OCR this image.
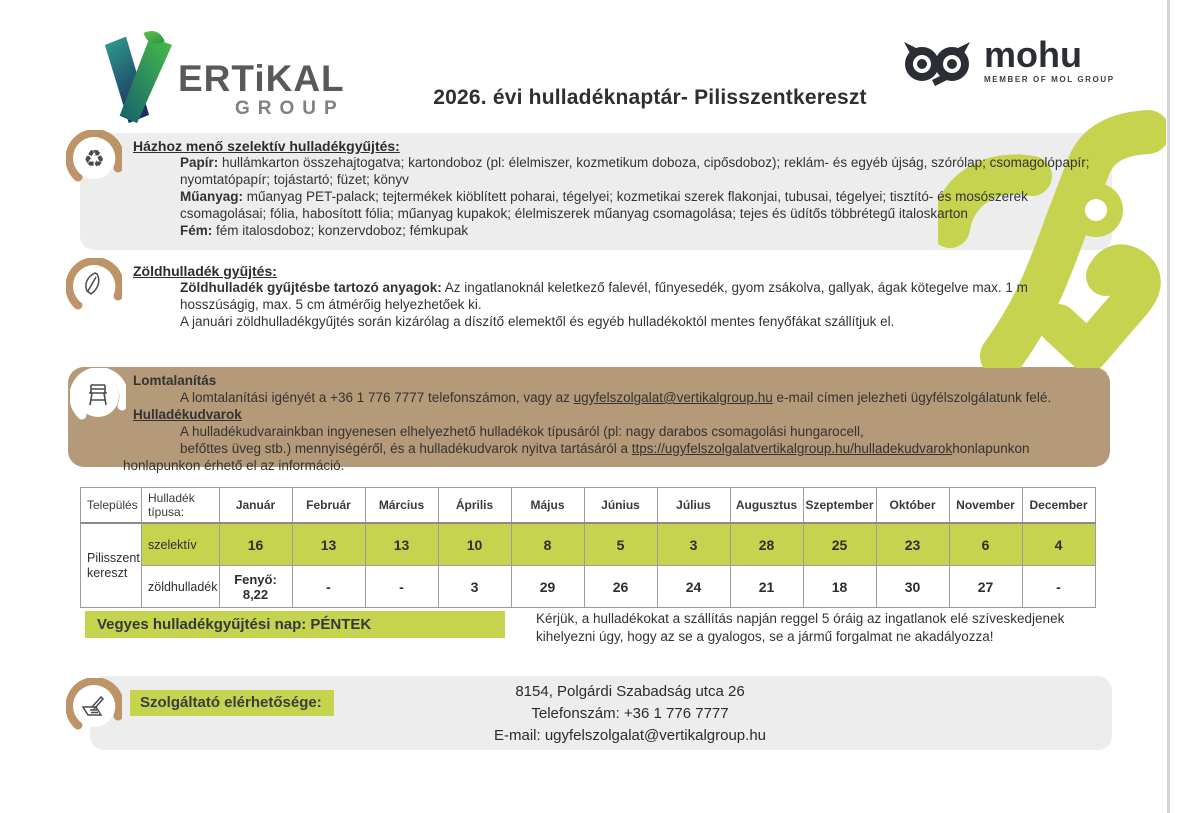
ERTiKAL
GROUP	2026. évi hulladéknaptár- Pilisszentkereszt
mohu
MEMBER OF MOL GROUP
♻ Házhoz menő szelektív hulladékgyűjtés:
Papír: hullámkarton összehajtogatva; kartondoboz (pl: élelmiszer, kozmetikum doboza, cipősdoboz); reklám- és egyéb újság, szórólap; csomagolópapír; nyomtatópapír; tojástartó; füzet; könyv
Műanyag: műanyag PET-palack; tejtermékek kiöblített poharai, tégelyei; kozmetikai szerek flakonjai, tubusai, tégelyei; tisztító- és mosószerek csomagolásai; fólia, habosított fólia; műanyag kupakok; élelmiszerek műanyag csomagolása; tejes és üdítős többrétegű italoskarton
Fém: fém italosdoboz; konzervdoboz; fémkupak
Zöldhulladék gyűjtés:
Zöldhulladék gyűjtésbe tartozó anyagok: Az ingatlanoknál keletkező falevél, fűnyesedék, gyom zsákolva, gallyak, ágak kötegelve max. 1 m hosszúságig, max. 5 cm átmérőig helyezhetőek ki.
A januári zöldhulladékgyűjtés során kizárólag a díszítő elemektől és egyéb hulladékoktól mentes fenyőfákat szállítjuk el.
Lomtalanítás
A lomtalanítási igényét a +36 1 776 7777 telefonszámon, vagy az ugyfelszolgalat@vertikalgroup.hu e-mail címen jelezheti ügyfélszolgálatunk felé.
Hulladékudvarok
A hulladékudvarainkban ingyenesen elhelyezhető hulladékok típusáról (pl: nagy darabos csomagolási hungarocell,
befőttes üveg stb.) mennyiségéről, és a hulladékudvarok nyitva tartásáról a ttps://ugyfelszolgalatvertikalgroup.hu/hulladekudvarokhonlapunkon
honlapunkon érhető el az információ.
Település	Hulladék típusa:	Január	Február	Március	Április	Május	Június	Július	Augusztus	Szeptember	Október	November	December
Pilisszent kereszt	szelektív	16	13	13	10	8	5	3	28	25	23	6	4
	zöldhulladék	Fenyő: 8,22	-	-	3	29	26	24	21	18	30	27	-
Vegyes hulladékgyűjtési nap: PÉNTEK	Kérjük, a hulladékokat a szállítás napján reggel 5 óráig az ingatlanok elé szíveskedjenek kihelyezni úgy, hogy az se a gyalogos, se a jármű forgalmat ne akadályozza!
Szolgáltató elérhetősége:
8154, Polgárdi Szabadság utca 26
Telefonszám: +36 1 776 7777
E-mail: ugyfelszolgalat@vertikalgroup.hu
